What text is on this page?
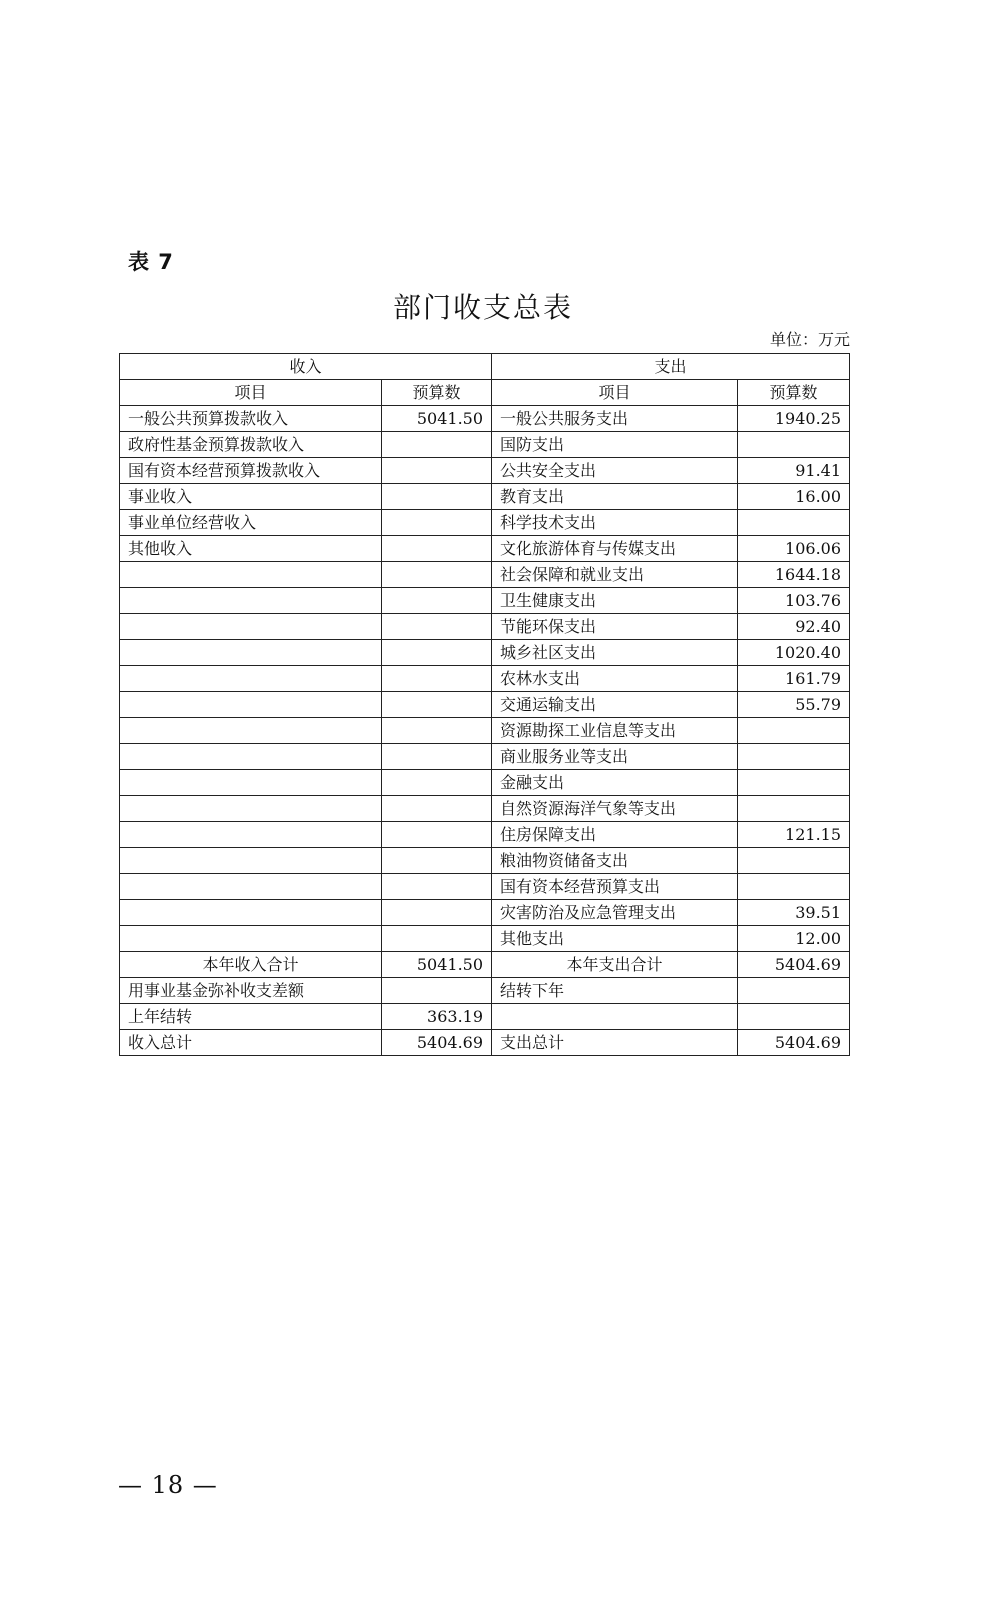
表 7
部门收支总表
单位：万元
收入		支出	
项目	预算数	项目	预算数
一般公共预算拨款收入	5041.50	一般公共服务支出	1940.25
政府性基金预算拨款收入		国防支出	
国有资本经营预算拨款收入		公共安全支出	91.41
事业收入		教育支出	16.00
事业单位经营收入		科学技术支出	
其他收入		文化旅游体育与传媒支出	106.06
		社会保障和就业支出	1644.18
		卫生健康支出	103.76
		节能环保支出	92.40
		城乡社区支出	1020.40
		农林水支出	161.79
		交通运输支出	55.79
		资源勘探工业信息等支出	
		商业服务业等支出	
		金融支出	
		自然资源海洋气象等支出	
		住房保障支出	121.15
		粮油物资储备支出	
		国有资本经营预算支出	
		灾害防治及应急管理支出	39.51
		其他支出	12.00
本年收入合计	5041.50	本年支出合计	5404.69
用事业基金弥补收支差额		结转下年	
上年结转	363.19		
收入总计	5404.69	支出总计	5404.69
— 18 —
